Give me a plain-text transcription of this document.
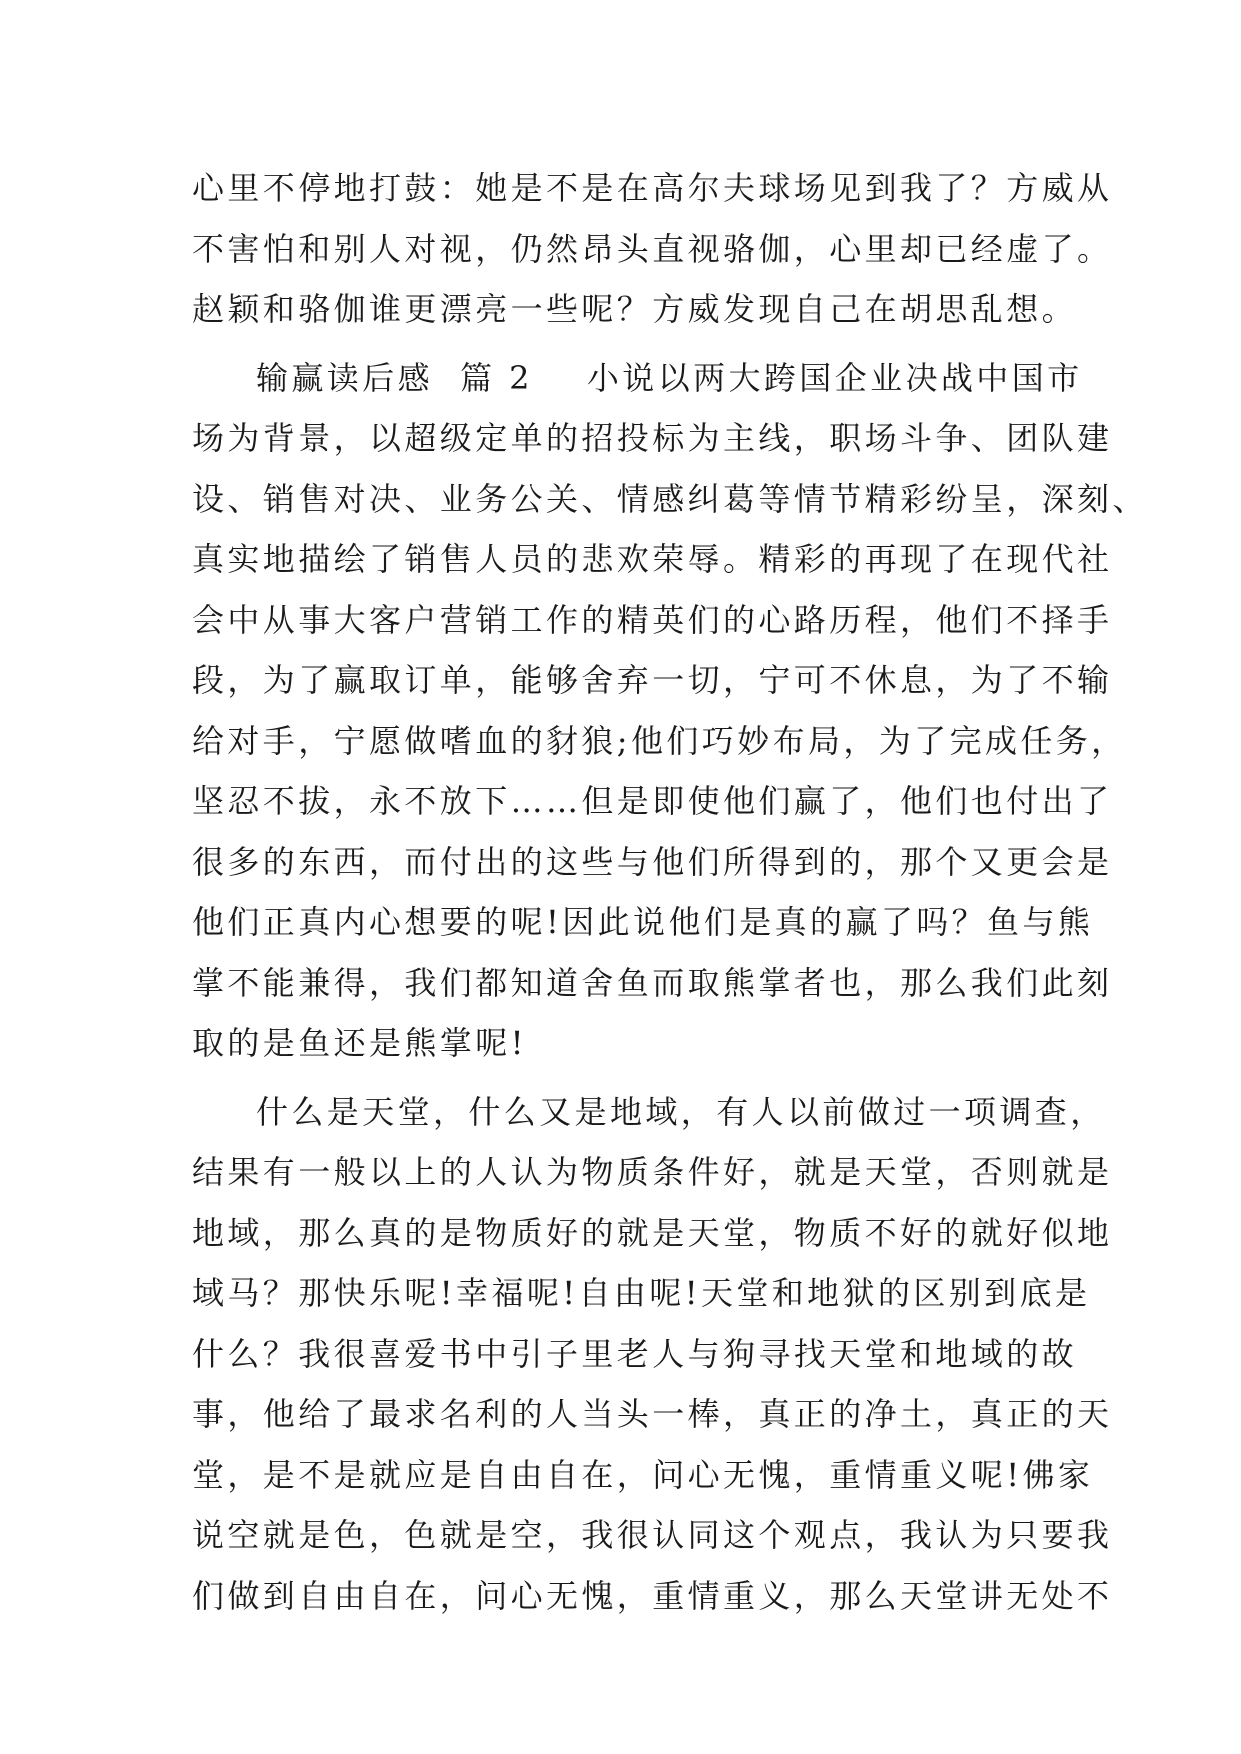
心里不停地打鼓：她是不是在高尔夫球场见到我了？方威从
不害怕和别人对视，仍然昂头直视骆伽，心里却已经虚了。
赵颖和骆伽谁更漂亮一些呢？方威发现自己在胡思乱想。
输赢读后感  篇 2 小说以两大跨国企业决战中国市
场为背景，以超级定单的招投标为主线，职场斗争、团队建
设、销售对决、业务公关、情感纠葛等情节精彩纷呈，深刻、
真实地描绘了销售人员的悲欢荣辱。精彩的再现了在现代社
会中从事大客户营销工作的精英们的心路历程，他们不择手
段，为了赢取订单，能够舍弃一切，宁可不休息，为了不输
给对手，宁愿做嗜血的豺狼;他们巧妙布局，为了完成任务，
坚忍不拔，永不放下……但是即使他们赢了，他们也付出了
很多的东西，而付出的这些与他们所得到的，那个又更会是
他们正真内心想要的呢!因此说他们是真的赢了吗？鱼与熊
掌不能兼得，我们都知道舍鱼而取熊掌者也，那么我们此刻
取的是鱼还是熊掌呢!
什么是天堂，什么又是地域，有人以前做过一项调查，
结果有一般以上的人认为物质条件好，就是天堂，否则就是
地域，那么真的是物质好的就是天堂，物质不好的就好似地
域马？那快乐呢!幸福呢!自由呢!天堂和地狱的区别到底是
什么？我很喜爱书中引子里老人与狗寻找天堂和地域的故
事，他给了最求名利的人当头一棒，真正的净土，真正的天
堂，是不是就应是自由自在，问心无愧，重情重义呢!佛家
说空就是色，色就是空，我很认同这个观点，我认为只要我
们做到自由自在，问心无愧，重情重义，那么天堂讲无处不
